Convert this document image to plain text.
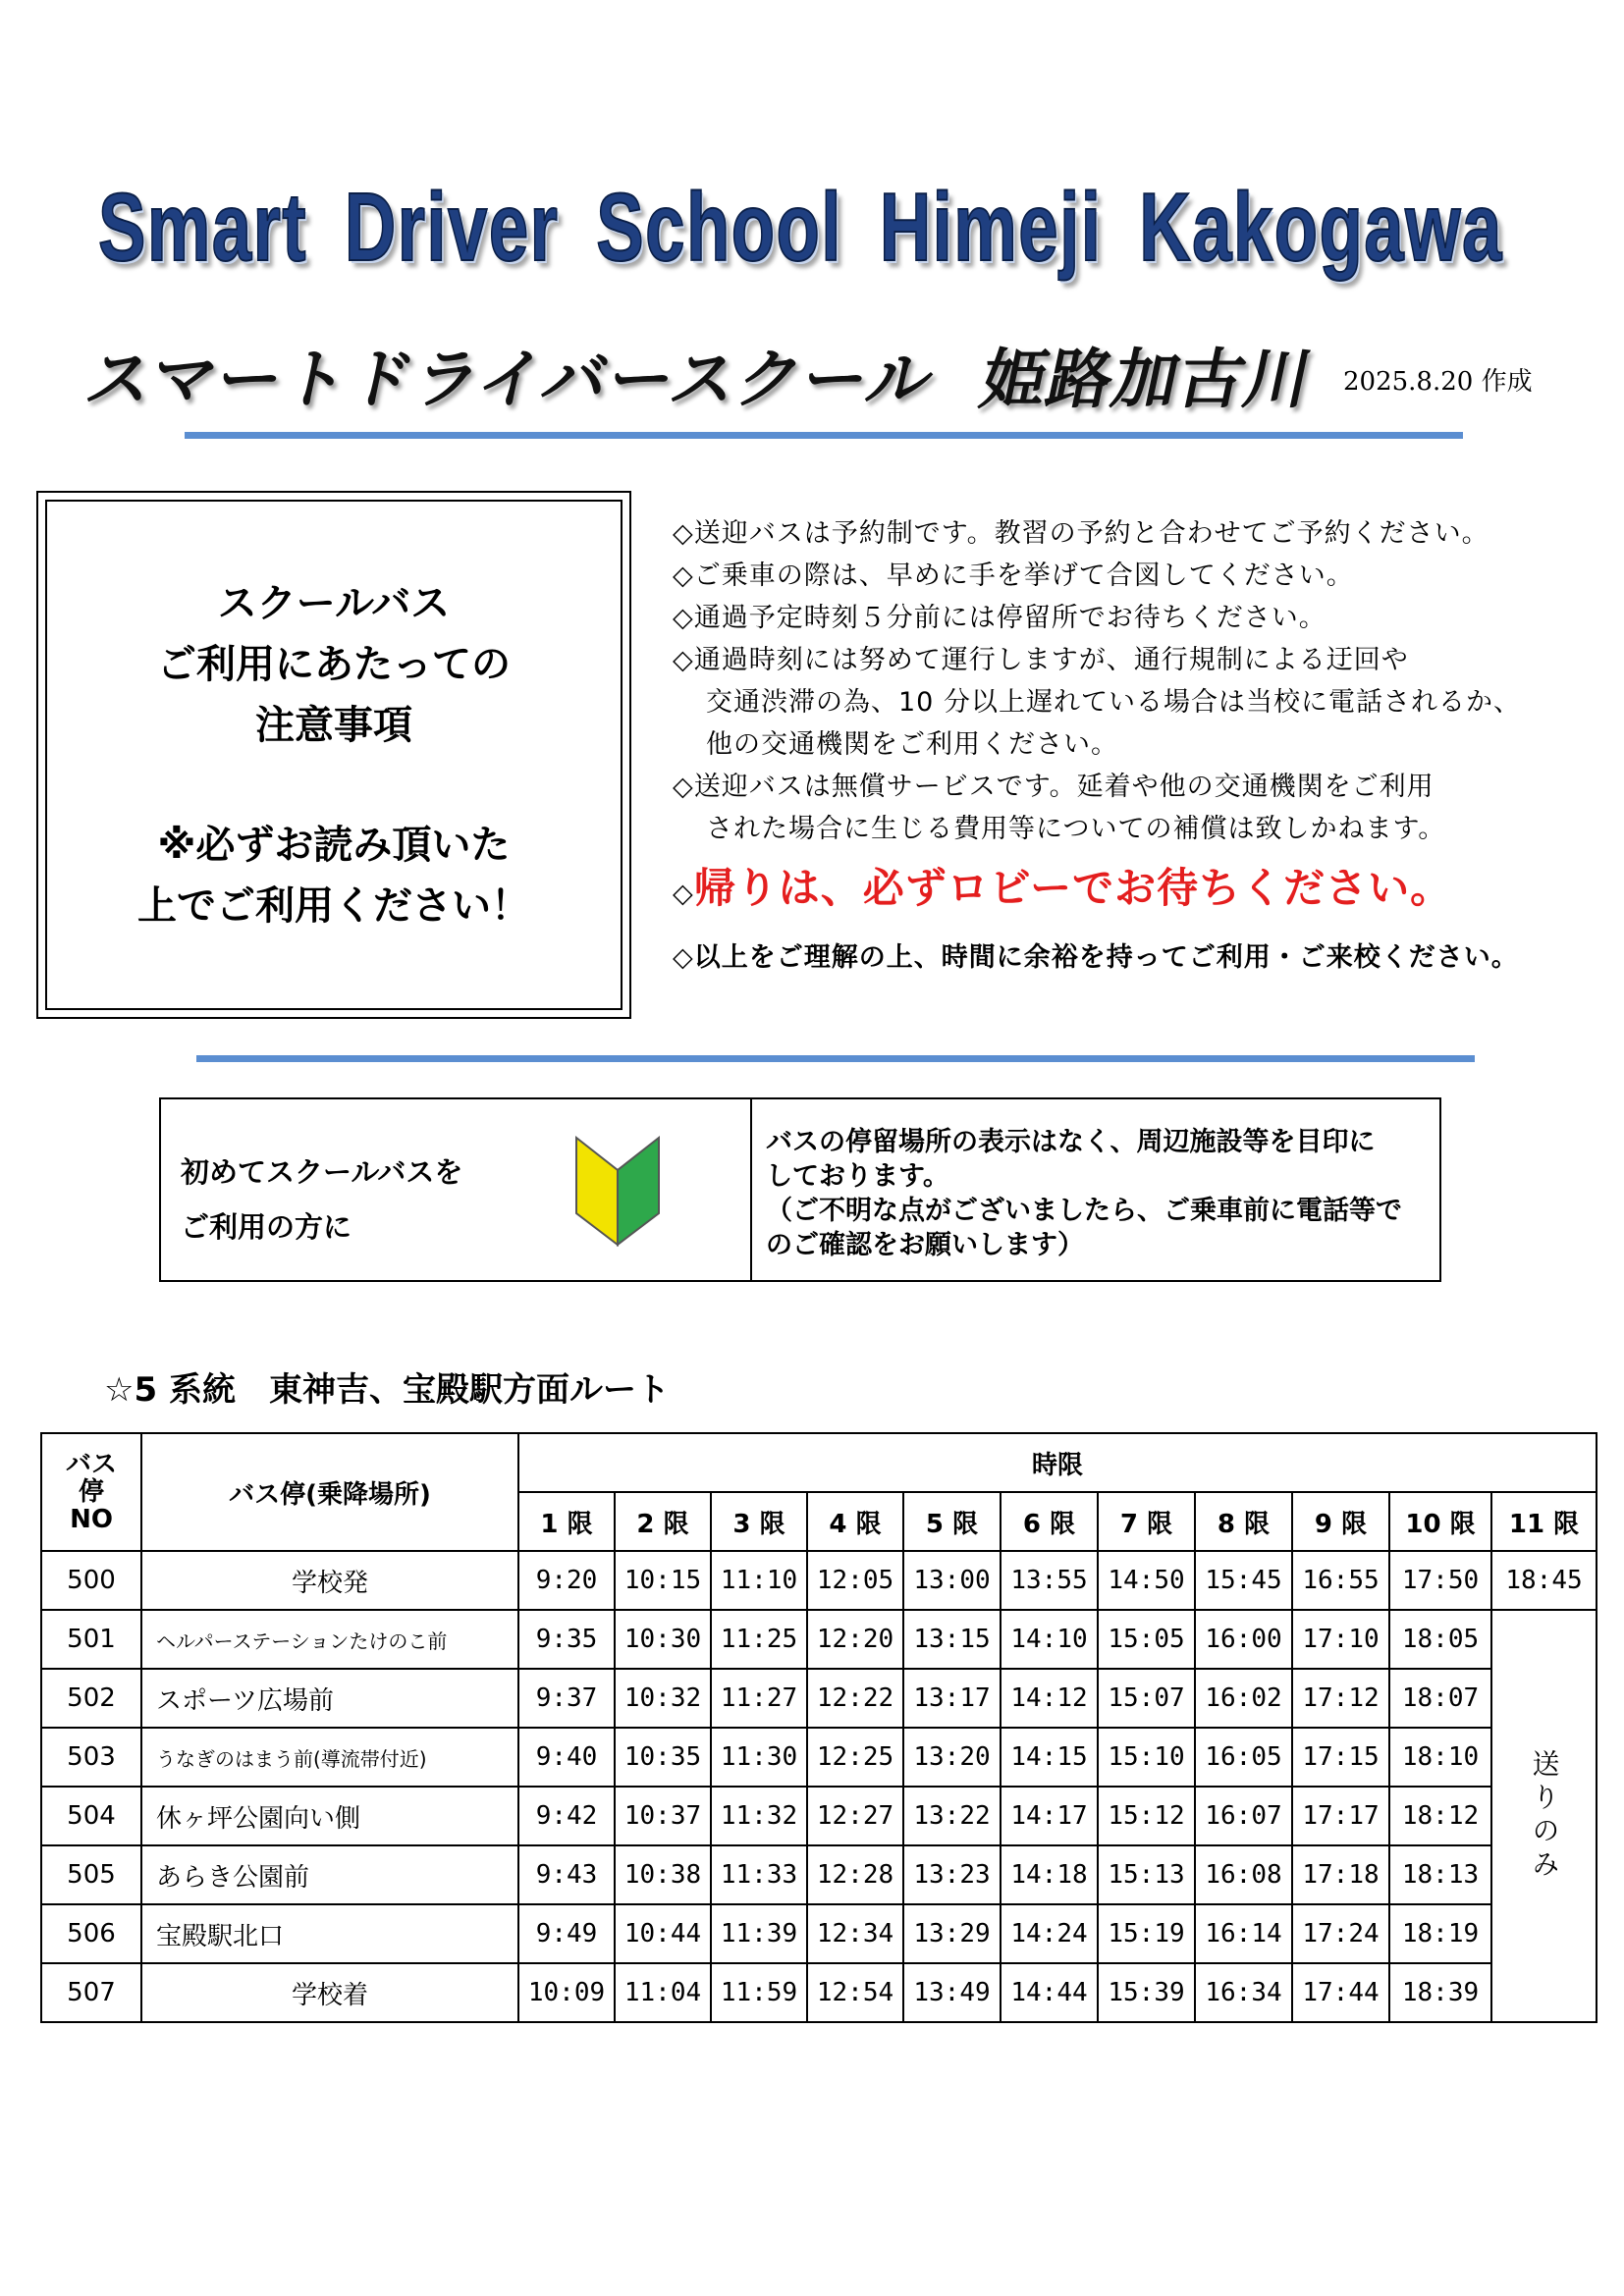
Smart Driver School Himeji Kakogawa
スマートドライバースクール 姫路加古川 2025.8.20 作成
スクールバス
ご利用にあたっての
注意事項
※必ずお読み頂いた
上でご利用ください！
◇送迎バスは予約制です。教習の予約と合わせてご予約ください。
◇ご乗車の際は、早めに手を挙げて合図してください。
◇通過予定時刻５分前には停留所でお待ちください。
◇通過時刻には努めて運行しますが、通行規制による迂回や
交通渋滞の為、10 分以上遅れている場合は当校に電話されるか、
他の交通機関をご利用ください。
◇送迎バスは無償サービスです。延着や他の交通機関をご利用
された場合に生じる費用等についての補償は致しかねます。
◇帰りは、必ずロビーでお待ちください。
◇以上をご理解の上、時間に余裕を持ってご利用・ご来校ください。
初めてスクールバスを
ご利用の方に
バスの停留場所の表示はなく、周辺施設等を目印に
しております。
（ご不明な点がございましたら、ご乗車前に電話等で
のご確認をお願いします）
☆5 系統　東神吉、宝殿駅方面ルート
バス
停
NO	バス停(乗降場所)	時限										
		1 限	2 限	3 限	4 限	5 限	6 限	7 限	8 限	9 限	10 限	11 限
500	学校発	9:20	10:15	11:10	12:05	13:00	13:55	14:50	15:45	16:55	17:50	18:45
501	ヘルパーステーションたけのこ前	9:35	10:30	11:25	12:20	13:15	14:10	15:05	16:00	17:10	18:05	送りのみ

502	スポーツ広場前	9:37	10:32	11:27	12:22	13:17	14:12	15:07	16:02	17:12	18:07	
503	うなぎのはまう前(導流帯付近)	9:40	10:35	11:30	12:25	13:20	14:15	15:10	16:05	17:15	18:10	
504	休ヶ坪公園向い側	9:42	10:37	11:32	12:27	13:22	14:17	15:12	16:07	17:17	18:12	
505	あらき公園前	9:43	10:38	11:33	12:28	13:23	14:18	15:13	16:08	17:18	18:13	
506	宝殿駅北口	9:49	10:44	11:39	12:34	13:29	14:24	15:19	16:14	17:24	18:19	
507	学校着	10:09	11:04	11:59	12:54	13:49	14:44	15:39	16:34	17:44	18:39	
